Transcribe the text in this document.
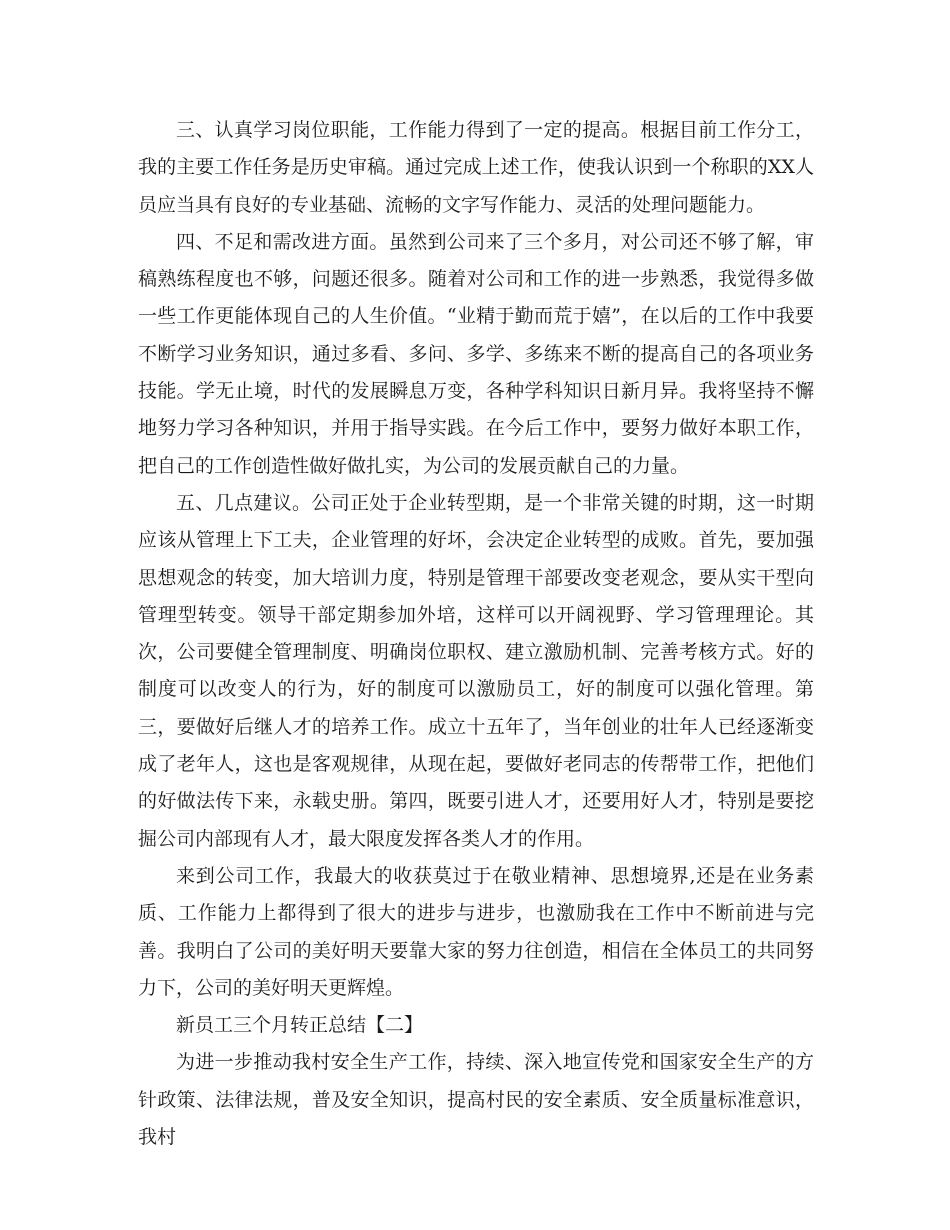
三、认真学习岗位职能，工作能力得到了一定的提高。根据目前工作分工，我的主要工作任务是历史审稿。通过完成上述工作，使我认识到一个称职的XX人员应当具有良好的专业基础、流畅的文字写作能力、灵活的处理问题能力。

四、不足和需改进方面。虽然到公司来了三个多月，对公司还不够了解，审稿熟练程度也不够，问题还很多。随着对公司和工作的进一步熟悉，我觉得多做一些工作更能体现自己的人生价值。“业精于勤而荒于嬉”，在以后的工作中我要不断学习业务知识，通过多看、多问、多学、多练来不断的提高自己的各项业务技能。学无止境，时代的发展瞬息万变，各种学科知识日新月异。我将坚持不懈地努力学习各种知识，并用于指导实践。在今后工作中，要努力做好本职工作，把自己的工作创造性做好做扎实，为公司的发展贡献自己的力量。

五、几点建议。公司正处于企业转型期，是一个非常关键的时期，这一时期应该从管理上下工夫，企业管理的好坏，会决定企业转型的成败。首先，要加强思想观念的转变，加大培训力度，特别是管理干部要改变老观念，要从实干型向管理型转变。领导干部定期参加外培，这样可以开阔视野、学习管理理论。其次，公司要健全管理制度、明确岗位职权、建立激励机制、完善考核方式。好的制度可以改变人的行为，好的制度可以激励员工，好的制度可以强化管理。第三，要做好后继人才的培养工作。成立十五年了，当年创业的壮年人已经逐渐变成了老年人，这也是客观规律，从现在起，要做好老同志的传帮带工作，把他们的好做法传下来，永载史册。第四，既要引进人才，还要用好人才，特别是要挖掘公司内部现有人才，最大限度发挥各类人才的作用。

来到公司工作，我最大的收获莫过于在敬业精神、思想境界,还是在业务素质、工作能力上都得到了很大的进步与进步，也激励我在工作中不断前进与完善。我明白了公司的美好明天要靠大家的努力往创造，相信在全体员工的共同努力下，公司的美好明天更辉煌。

新员工三个月转正总结【二】

为进一步推动我村安全生产工作，持续、深入地宣传党和国家安全生产的方针政策、法律法规，普及安全知识，提高村民的安全素质、安全质量标准意识，我村
